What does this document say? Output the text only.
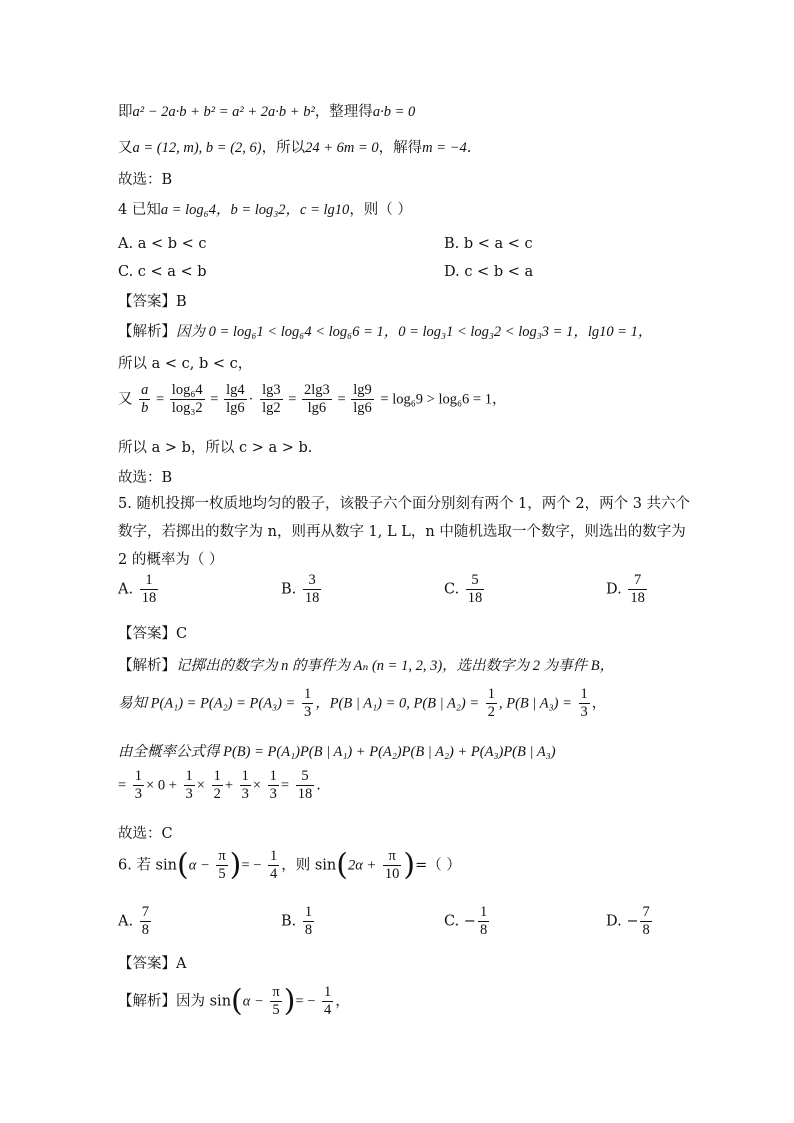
即a² − 2a·b + b² = a² + 2a·b + b²，整理得a·b = 0
又a = (12, m), b = (2, 6)，所以24 + 6m = 0，解得m = −4.
故选：B
4 已知a = log₆4，b = log₃2，c = lg10，则（ ）
A. a < b < c	B. b < a < c
C. c < a < b	D. c < b < a
【答案】B
【解析】因为 0 = log₆1 < log₆4 < log₆6 = 1，0 = log₃1 < log₃2 < log₃3 = 1，lg10 = 1，
所以 a < c, b < c，
又 $\frac{a}{b} = \frac{\text{log₆4}}{\text{log₃2}} = \frac{\lg 4}{\lg 6} \cdot \frac{\lg 3}{\lg 2} = \frac{2\lg 3}{\lg 6} = \frac{\lg 9}{\lg 6} = \log_69 > \log_66 = 1$，
所以 a > b，所以 c > a > b.
故选：B
5. 随机投掷一枚质地均匀的骰子，该骰子六个面分别刻有两个 1，两个 2，两个 3 共六个
数字，若掷出的数字为 n，则再从数字 1, L L，n 中随机选取一个数字，则选出的数字为
2 的概率为（ ）
A. $\frac{1}{18}$	B. $\frac{3}{18}$	C. $\frac{5}{18}$	D. $\frac{7}{18}$
【答案】C
【解析】记掷出的数字为 n 的事件为 Aₙ (n = 1, 2, 3)，选出数字为 2 为事件 B，
易知 $P(A_1) = P(A_2) = P(A_3) = \frac{1}{3}$ ，P(B | A₁) = 0, P(B | $A_2) = \frac{1}{2}$ , P(B | $A_3) = \frac{1}{3}$ ，
由全概率公式得 P(B) = P(A₁)P(B | A₁) + P(A₂)P(B | A₂) + P(A₃)P(B | A₃)
= $\frac{1}{3} \times 0 + \frac{1}{3} \times \frac{1}{2} + \frac{1}{3} \times \frac{1}{3} = \frac{5}{18}$ .
故选：C
6. 若 $\sin(\alpha - \frac{\pi}{5}$ )= − $\frac{1}{4}$ ，则 $\sin(2\alpha + \frac{\pi}{10}$ )=（ ）
A. $\frac{7}{8}$	B. $\frac{1}{8}$	C. − $\frac{1}{8}$	D. − $\frac{7}{8}$
【答案】A
【解析】因为 $\sin(\alpha - \frac{\pi}{5}$ )= − $\frac{1}{4}$ ，
